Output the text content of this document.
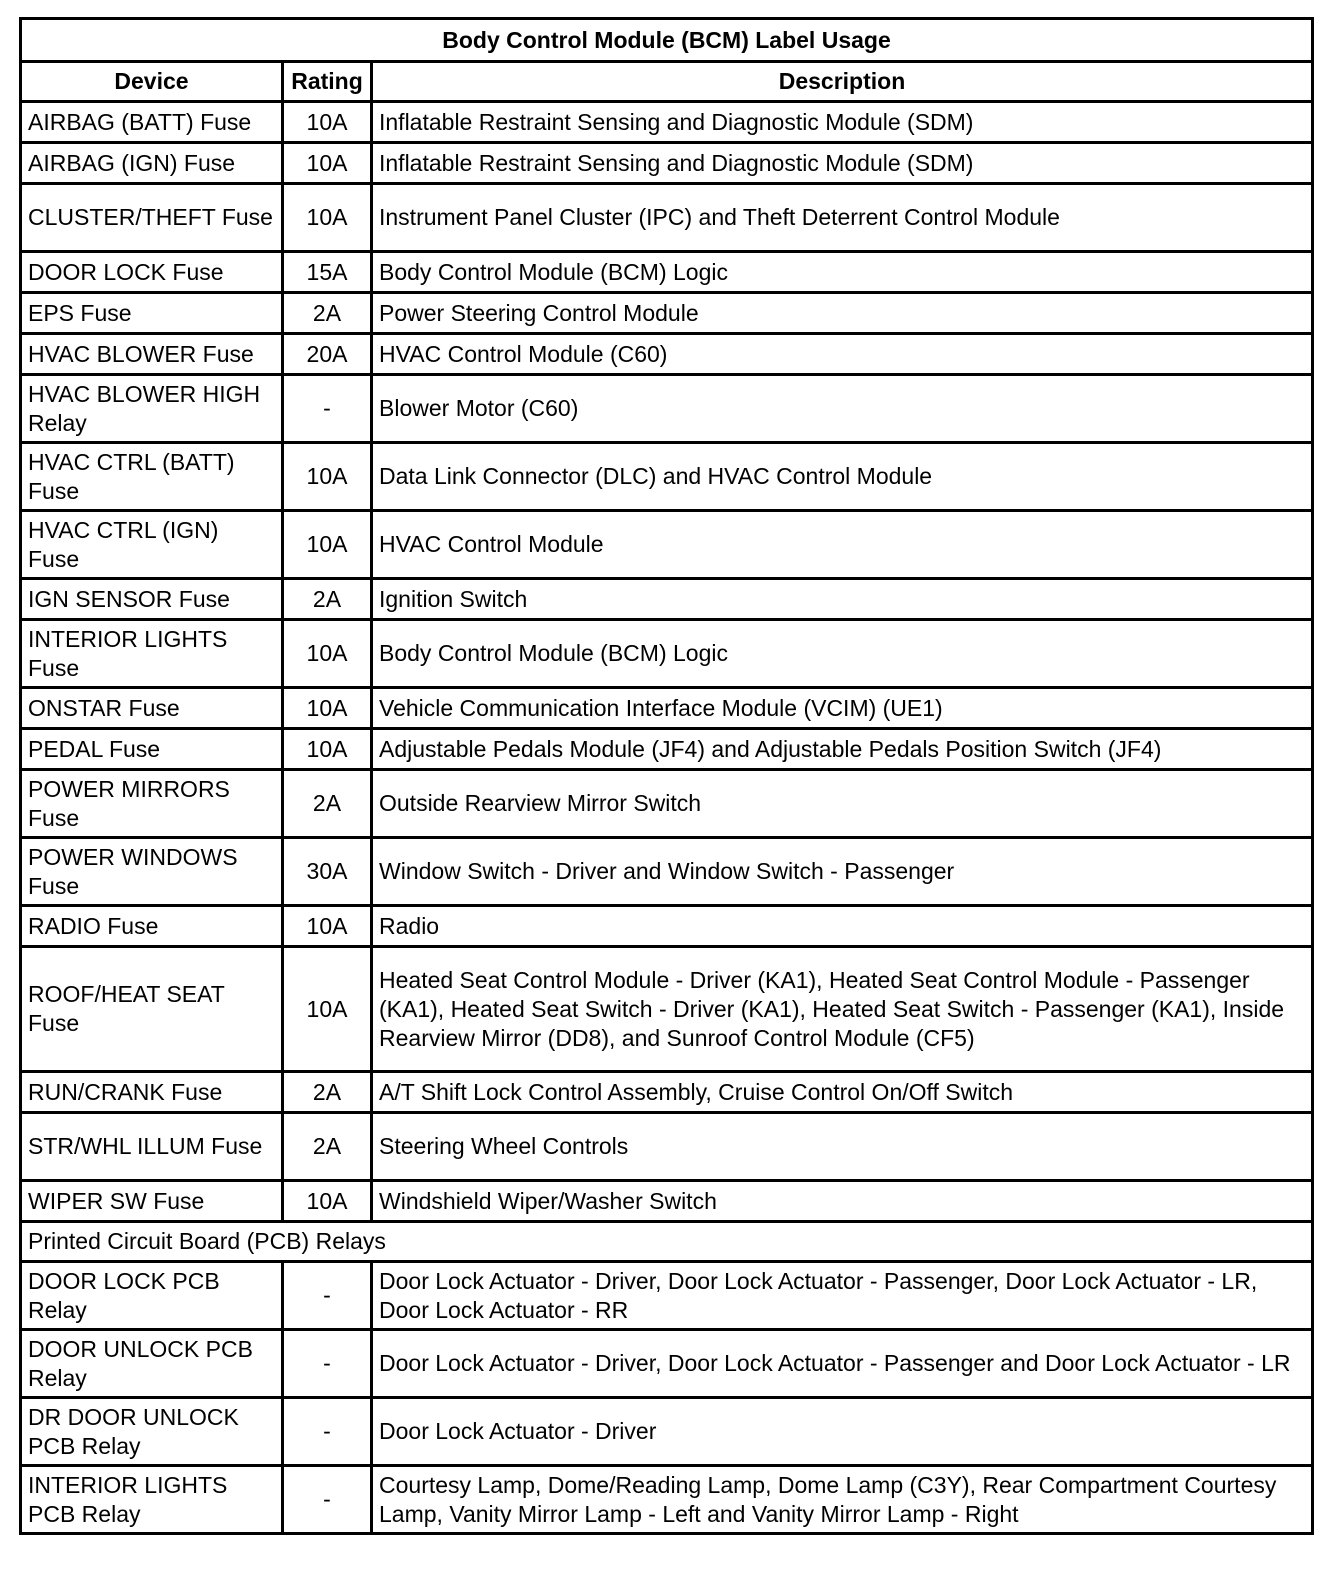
Body Control Module (BCM) Label Usage		
Device	Rating	Description
AIRBAG (BATT) Fuse	10A	Inflatable Restraint Sensing and Diagnostic Module (SDM)
AIRBAG (IGN) Fuse	10A	Inflatable Restraint Sensing and Diagnostic Module (SDM)
CLUSTER/THEFT Fuse	10A	Instrument Panel Cluster (IPC) and Theft Deterrent Control Module
DOOR LOCK Fuse	15A	Body Control Module (BCM) Logic
EPS Fuse	2A	Power Steering Control Module
HVAC BLOWER Fuse	20A	HVAC Control Module (C60)
HVAC BLOWER HIGH Relay	-	Blower Motor (C60)
HVAC CTRL (BATT) Fuse	10A	Data Link Connector (DLC) and HVAC Control Module
HVAC CTRL (IGN) Fuse	10A	HVAC Control Module
IGN SENSOR Fuse	2A	Ignition Switch
INTERIOR LIGHTS Fuse	10A	Body Control Module (BCM) Logic
ONSTAR Fuse	10A	Vehicle Communication Interface Module (VCIM) (UE1)
PEDAL Fuse	10A	Adjustable Pedals Module (JF4) and Adjustable Pedals Position Switch (JF4)
POWER MIRRORS Fuse	2A	Outside Rearview Mirror Switch
POWER WINDOWS Fuse	30A	Window Switch - Driver and Window Switch - Passenger
RADIO Fuse	10A	Radio
ROOF/HEAT SEAT Fuse	10A	Heated Seat Control Module - Driver (KA1), Heated Seat Control Module - Passenger (KA1), Heated Seat Switch - Driver (KA1), Heated Seat Switch - Passenger (KA1), Inside Rearview Mirror (DD8), and Sunroof Control Module (CF5)
RUN/CRANK Fuse	2A	A/T Shift Lock Control Assembly, Cruise Control On/Off Switch
STR/WHL ILLUM Fuse	2A	Steering Wheel Controls
WIPER SW Fuse	10A	Windshield Wiper/Washer Switch
Printed Circuit Board (PCB) Relays		
DOOR LOCK PCB Relay	-	Door Lock Actuator - Driver, Door Lock Actuator - Passenger, Door Lock Actuator - LR, Door Lock Actuator - RR
DOOR UNLOCK PCB Relay	-	Door Lock Actuator - Driver, Door Lock Actuator - Passenger and Door Lock Actuator - LR
DR DOOR UNLOCK PCB Relay	-	Door Lock Actuator - Driver
INTERIOR LIGHTS PCB Relay	-	Courtesy Lamp, Dome/Reading Lamp, Dome Lamp (C3Y), Rear Compartment Courtesy Lamp, Vanity Mirror Lamp - Left and Vanity Mirror Lamp - Right
